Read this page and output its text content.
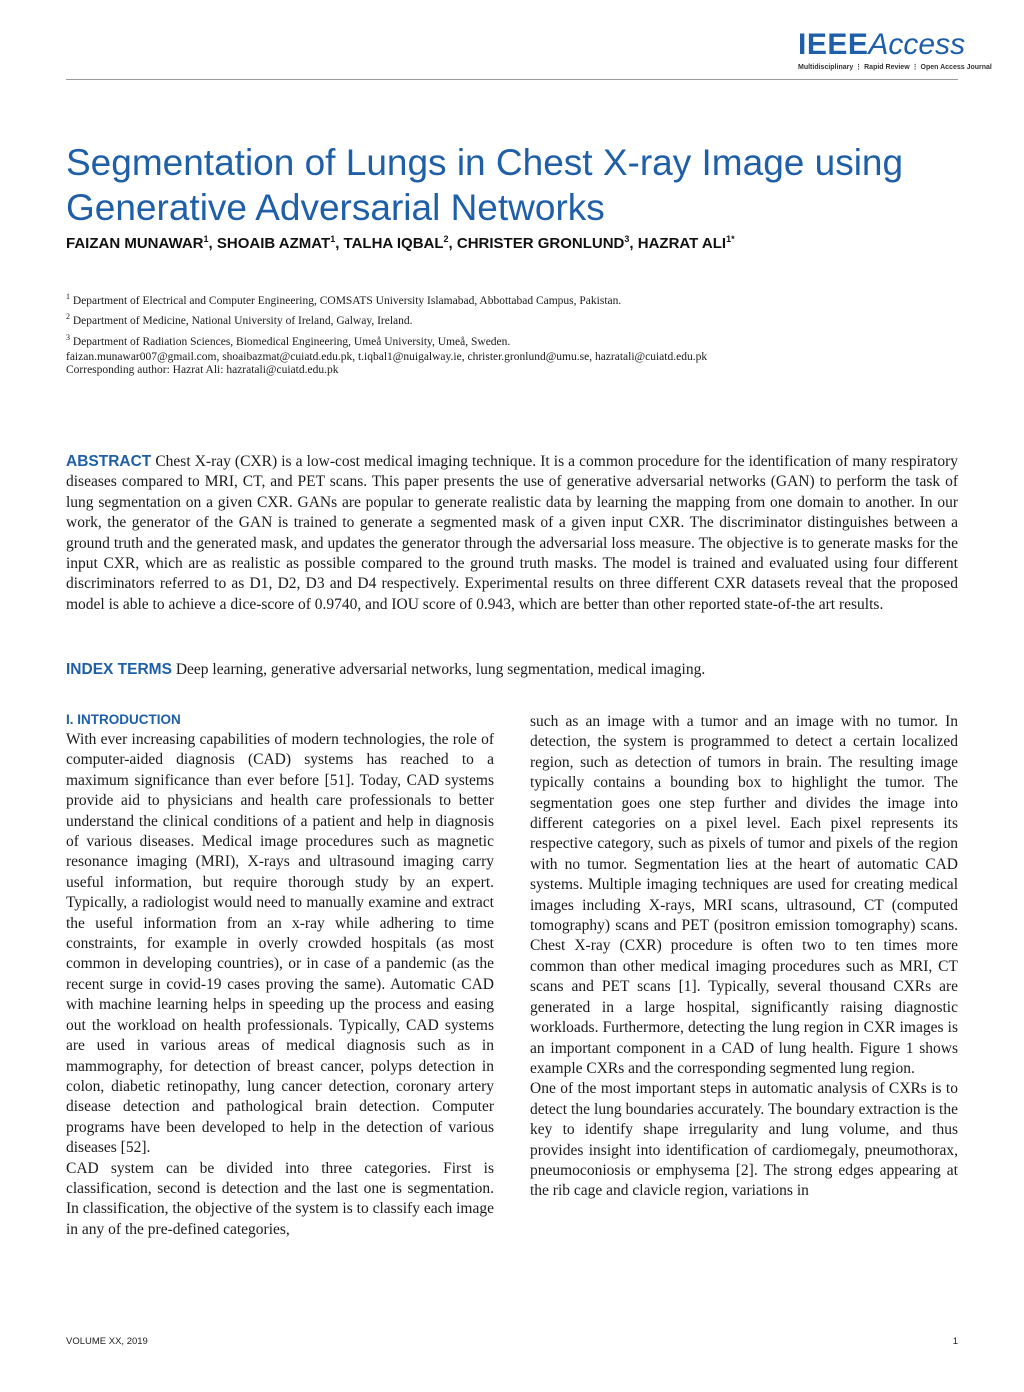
IEEEAccess
Multidisciplinary ⋮ Rapid Review ⋮ Open Access Journal
Segmentation of Lungs in Chest X-ray Image using Generative Adversarial Networks
FAIZAN MUNAWAR$^1$, SHOAIB AZMAT$^1$, TALHA IQBAL$^2$, CHRISTER GRONLUND$^3$, HAZRAT $ALI^{1*}$
$^1$ Department of Electrical and Computer Engineering, COMSATS University Islamabad, Abbottabad Campus, Pakistan.
$^2$ Department of Medicine, National University of Ireland, Galway, Ireland.
$^3$ Department of Radiation Sciences, Biomedical Engineering, Umeå University, Umeå, Sweden.
faizan.munawar007@gmail.com, shoaibazmat@cuiatd.edu.pk, t.iqbal1@nuigalway.ie, christer.gronlund@umu.se, hazratali@cuiatd.edu.pk
Corresponding author: Hazrat Ali: hazratali@cuiatd.edu.pk

ABSTRACT Chest X-ray (CXR) is a low-cost medical imaging technique. It is a common procedure for the identification of many respiratory diseases compared to MRI, CT, and PET scans. This paper presents the use of generative adversarial networks (GAN) to perform the task of lung segmentation on a given CXR. GANs are popular to generate realistic data by learning the mapping from one domain to another. In our work, the generator of the GAN is trained to generate a segmented mask of a given input CXR. The discriminator distinguishes between a ground truth and the generated mask, and updates the generator through the adversarial loss measure. The objective is to generate masks for the input CXR, which are as realistic as possible compared to the ground truth masks. The model is trained and evaluated using four different discriminators referred to as D1, D2, D3 and D4 respectively. Experimental results on three different CXR datasets reveal that the proposed model is able to achieve a dice-score of 0.9740, and IOU score of 0.943, which are better than other reported state-of-the art results.

INDEX TERMS Deep learning, generative adversarial networks, lung segmentation, medical imaging.

I. INTRODUCTION

With ever increasing capabilities of modern technologies, the role of computer-aided diagnosis (CAD) systems has reached to a maximum significance than ever before [51]. Today, CAD systems provide aid to physicians and health care professionals to better understand the clinical conditions of a patient and help in diagnosis of various diseases. Medical image procedures such as magnetic resonance imaging (MRI), X-rays and ultrasound imaging carry useful information, but require thorough study by an expert. Typically, a radiologist would need to manually examine and extract the useful information from an x-ray while adhering to time constraints, for example in overly crowded hospitals (as most common in developing countries), or in case of a pandemic (as the recent surge in covid-19 cases proving the same). Automatic CAD with machine learning helps in speeding up the process and easing out the workload on health professionals. Typically, CAD systems are used in various areas of medical diagnosis such as in mammography, for detection of breast cancer, polyps detection in colon, diabetic retinopathy, lung cancer detection, coronary artery disease detection and pathological brain detection. Computer programs have been developed to help in the detection of various diseases [52].

CAD system can be divided into three categories. First is classification, second is detection and the last one is segmentation. In classification, the objective of the system is to classify each image in any of the pre-defined categories,

such as an image with a tumor and an image with no tumor. In detection, the system is programmed to detect a certain localized region, such as detection of tumors in brain. The resulting image typically contains a bounding box to highlight the tumor. The segmentation goes one step further and divides the image into different categories on a pixel level. Each pixel represents its respective category, such as pixels of tumor and pixels of the region with no tumor. Segmentation lies at the heart of automatic CAD systems. Multiple imaging techniques are used for creating medical images including X-rays, MRI scans, ultrasound, CT (computed tomography) scans and PET (positron emission tomography) scans. Chest X-ray (CXR) procedure is often two to ten times more common than other medical imaging procedures such as MRI, CT scans and PET scans [1]. Typically, several thousand CXRs are generated in a large hospital, significantly raising diagnostic workloads. Furthermore, detecting the lung region in CXR images is an important component in a CAD of lung health. Figure 1 shows example CXRs and the corresponding segmented lung region.

One of the most important steps in automatic analysis of CXRs is to detect the lung boundaries accurately. The boundary extraction is the key to identify shape irregularity and lung volume, and thus provides insight into identification of cardiomegaly, pneumothorax, pneumoconiosis or emphysema [2]. The strong edges appearing at the rib cage and clavicle region, variations in

VOLUME XX, 2019	1
